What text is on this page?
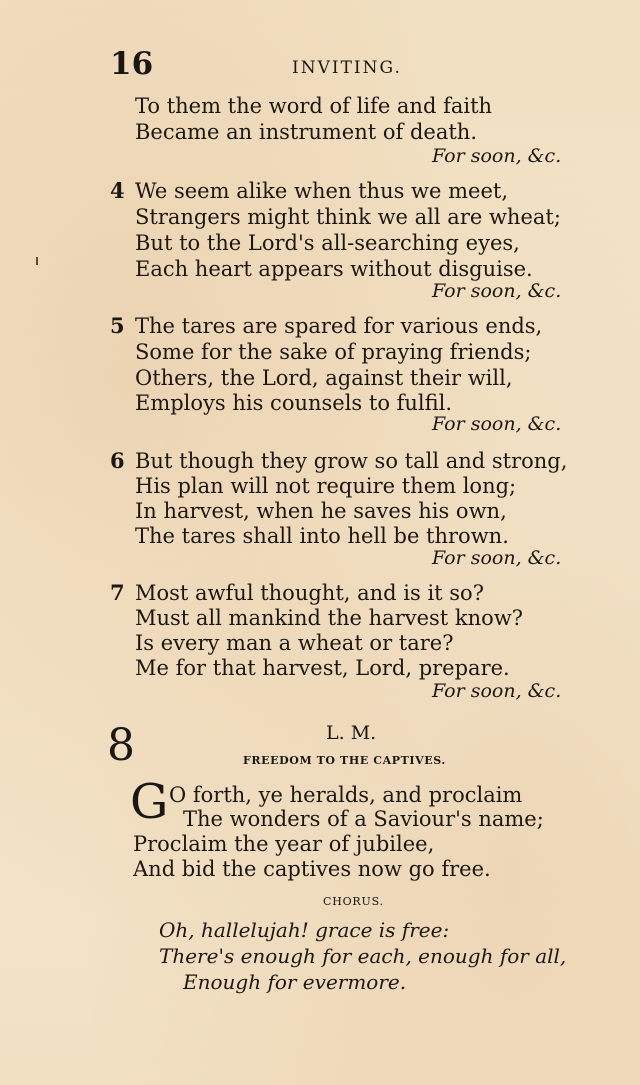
16	INVITING.
To them the word of life and faith
Became an instrument of death.
For soon, &c.
4 We seem alike when thus we meet,
Strangers might think we all are wheat;
But to the Lord's all-searching eyes,
Each heart appears without disguise.
For soon, &c.
5 The tares are spared for various ends,
Some for the sake of praying friends;
Others, the Lord, against their will,
Employs his counsels to fulfil.
For soon, &c.
6 But though they grow so tall and strong,
His plan will not require them long;
In harvest, when he saves his own,
The tares shall into hell be thrown.
For soon, &c.
7 Most awful thought, and is it so?
Must all mankind the harvest know?
Is every man a wheat or tare?
Me for that harvest, Lord, prepare.
For soon, &c.
8	L. M.
FREEDOM TO THE CAPTIVES.
G O forth, ye heralds, and proclaim
The wonders of a Saviour's name;
Proclaim the year of jubilee,
And bid the captives now go free.
CHORUS.
Oh, hallelujah! grace is free:
There's enough for each, enough for all,
Enough for evermore.
